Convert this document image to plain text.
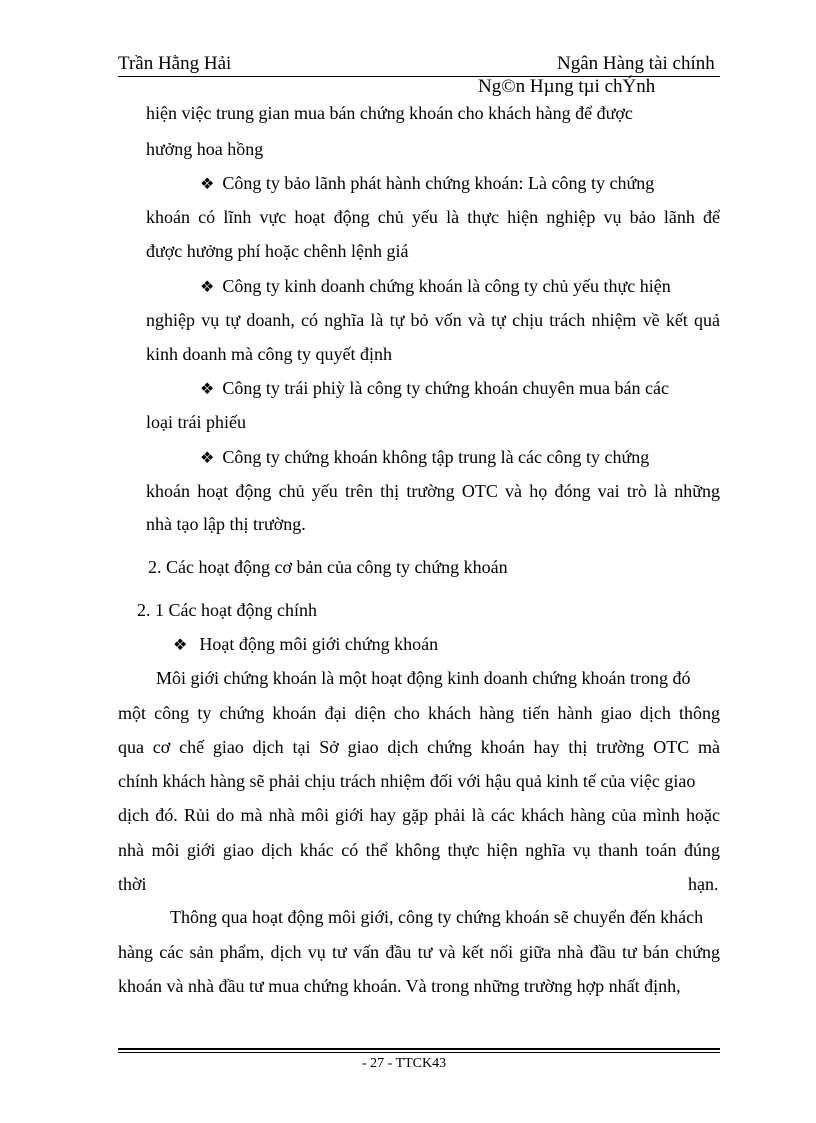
Trần Hằng Hải	Ngân Hàng tài chính
Ng©n Hµng tµi chÝnh
hiện việc trung gian mua bán chứng khoán cho khách hàng để được
hưởng hoa hồng
❖ Công ty bảo lãnh phát hành chứng khoán: Là công ty chứng
khoán có lĩnh vực hoạt động chủ yếu là thực hiện nghiệp vụ bảo lãnh để
được hưởng phí hoặc chênh lệnh giá
❖ Công ty kinh doanh chứng khoán là công ty chủ yếu thực hiện
nghiệp vụ tự doanh, có nghĩa là tự bỏ vốn và tự chịu trách nhiệm về kết quả
kinh doanh mà công ty quyết định
❖ Công ty trái phiỳ là công ty chứng khoán chuyên mua bán các
loại trái phiếu
❖ Công ty chứng khoán không tập trung là các công ty chứng
khoán hoạt động chủ yếu trên thị trường OTC và họ đóng vai trò là những
nhà tạo lập thị trường.
2. Các hoạt động cơ bản của công ty chứng khoán
2. 1 Các hoạt động chính
❖ Hoạt động môi giới chứng khoán
Môi giới chứng khoán là một hoạt động kinh doanh chứng khoán trong đó
một công ty chứng khoán đại diện cho khách hàng tiến hành giao dịch thông
qua cơ chế giao dịch tại Sở giao dịch chứng khoán hay thị trường OTC mà
chính khách hàng sẽ phải chịu trách nhiệm đối với hậu quả kinh tế của việc giao
dịch đó. Rủi do mà nhà môi giới hay gặp phải là các khách hàng của mình hoặc
nhà môi giới giao dịch khác có thể không thực hiện nghĩa vụ thanh toán đúng
thời	hạn.
Thông qua hoạt động môi giới, công ty chứng khoán sẽ chuyển đến khách
hàng các sản phẩm, dịch vụ tư vấn đầu tư và kết nối giữa nhà đầu tư bán chứng
khoán và nhà đầu tư mua chứng khoán. Và trong những trường hợp nhất định,
- 27 - TTCK43
